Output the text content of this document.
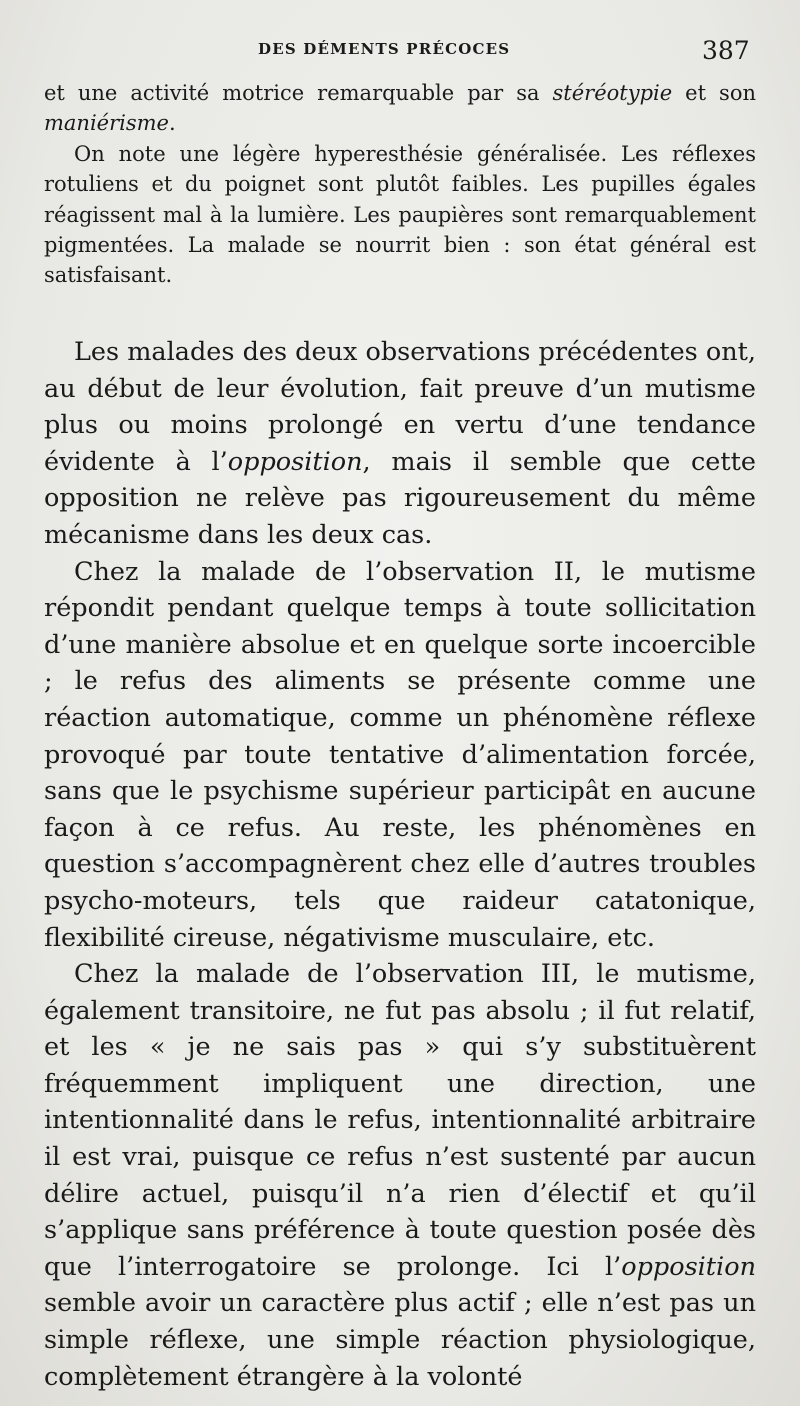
DES DÉMENTS PRÉCOCES	387

et une activité motrice remarquable par sa stéréotypie et son maniérisme.

On note une légère hyperesthésie généralisée. Les réflexes rotuliens et du poignet sont plutôt faibles. Les pupilles égales réagissent mal à la lumière. Les paupières sont remarquablement pigmentées. La malade se nourrit bien : son état général est satisfaisant.

Les malades des deux observations précédentes ont, au début de leur évolution, fait preuve d’un mutisme plus ou moins prolongé en vertu d’une tendance évidente à l’opposition, mais il semble que cette opposition ne relève pas rigoureusement du même mécanisme dans les deux cas.

Chez la malade de l’observation II, le mutisme répondit pendant quelque temps à toute sollicitation d’une manière absolue et en quelque sorte incoercible ; le refus des aliments se présente comme une réaction automatique, comme un phénomène réflexe provoqué par toute tentative d’alimentation forcée, sans que le psychisme supérieur participât en aucune façon à ce refus. Au reste, les phénomènes en question s’accompagnèrent chez elle d’autres troubles psycho-moteurs, tels que raideur catatonique, flexibilité cireuse, négativisme musculaire, etc.

Chez la malade de l’observation III, le mutisme, également transitoire, ne fut pas absolu ; il fut relatif, et les « je ne sais pas » qui s’y substituèrent fréquemment impliquent une direction, une intentionnalité dans le refus, intentionnalité arbitraire il est vrai, puisque ce refus n’est sustenté par aucun délire actuel, puisqu’il n’a rien d’électif et qu’il s’applique sans préférence à toute question posée dès que l’interrogatoire se prolonge. Ici l’opposition semble avoir un caractère plus actif ; elle n’est pas un simple réflexe, une simple réaction physiologique, complètement étrangère à la volonté
